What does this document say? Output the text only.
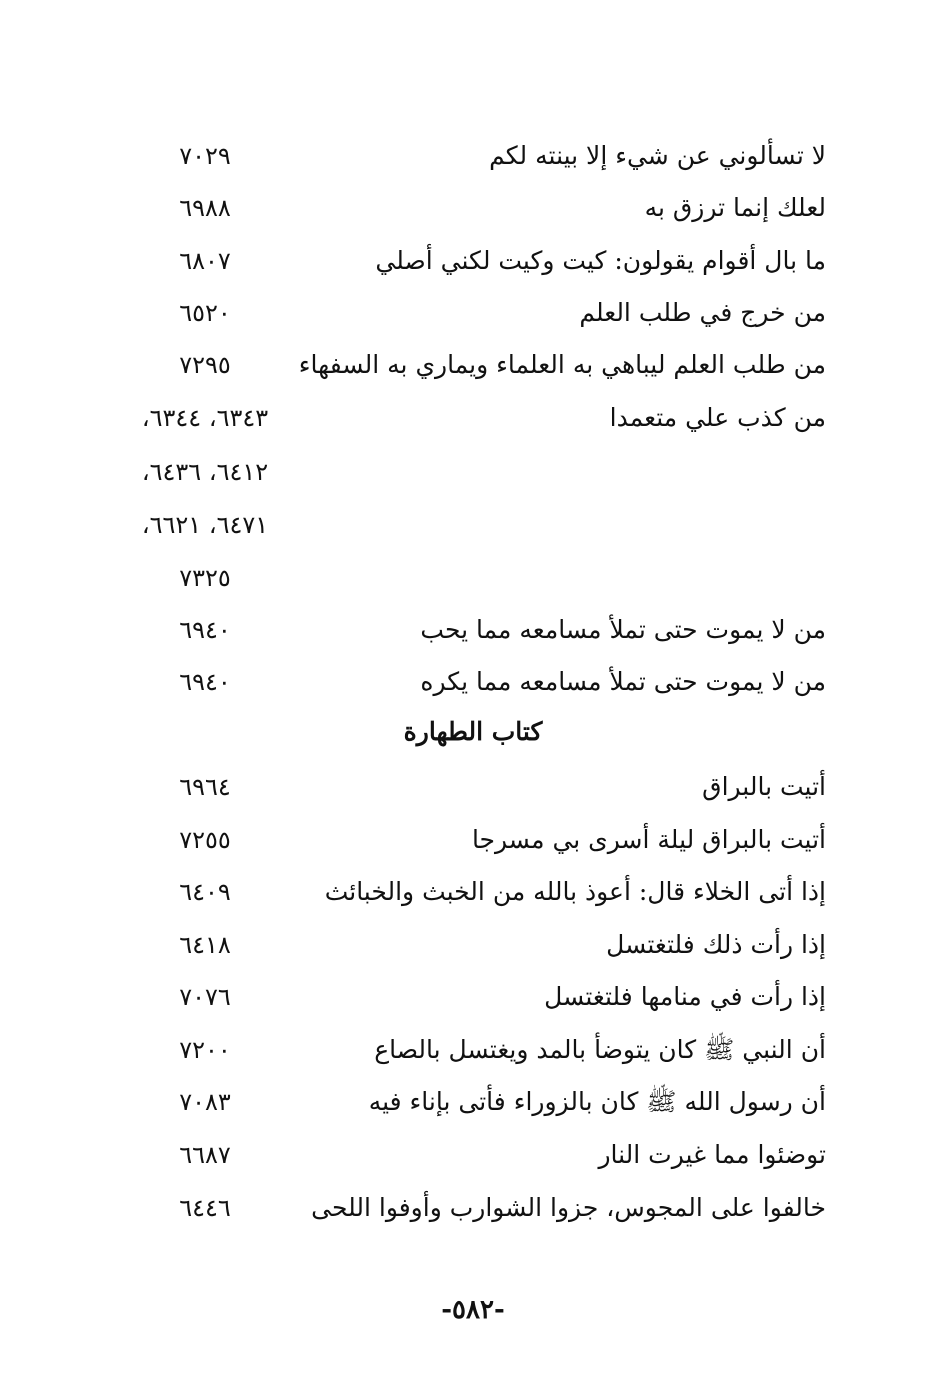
لا تسألوني عن شيء إلا بينته لكم
٧٠٢٩
لعلك إنما ترزق به
٦٩٨٨
ما بال أقوام يقولون: كيت وكيت لكني أصلي
٦٨٠٧
من خرج في طلب العلم
٦٥٢٠
من طلب العلم ليباهي به العلماء ويماري به السفهاء
٧٢٩٥
من كذب علي متعمدا
٦٣٤٣، ٦٣٤٤،
٦٤١٢، ٦٤٣٦،
٦٤٧١، ٦٦٢١،
٧٣٢٥
من لا يموت حتى تملأ مسامعه مما يحب
٦٩٤٠
من لا يموت حتى تملأ مسامعه مما يكره
٦٩٤٠
كتاب الطهارة
أتيت بالبراق
٦٩٦٤
أتيت بالبراق ليلة أسرى بي مسرجا
٧٢٥٥
إذا أتى الخلاء قال: أعوذ بالله من الخبث والخبائث
٦٤٠٩
إذا رأت ذلك فلتغتسل
٦٤١٨
إذا رأت في منامها فلتغتسل
٧٠٧٦
أن النبي ﷺ كان يتوضأ بالمد ويغتسل بالصاع
٧٢٠٠
أن رسول الله ﷺ كان بالزوراء فأتى بإناء فيه
٧٠٨٣
توضئوا مما غيرت النار
٦٦٨٧
خالفوا على المجوس، جزوا الشوارب وأوفوا اللحى
٦٤٤٦
-٥٨٢-
